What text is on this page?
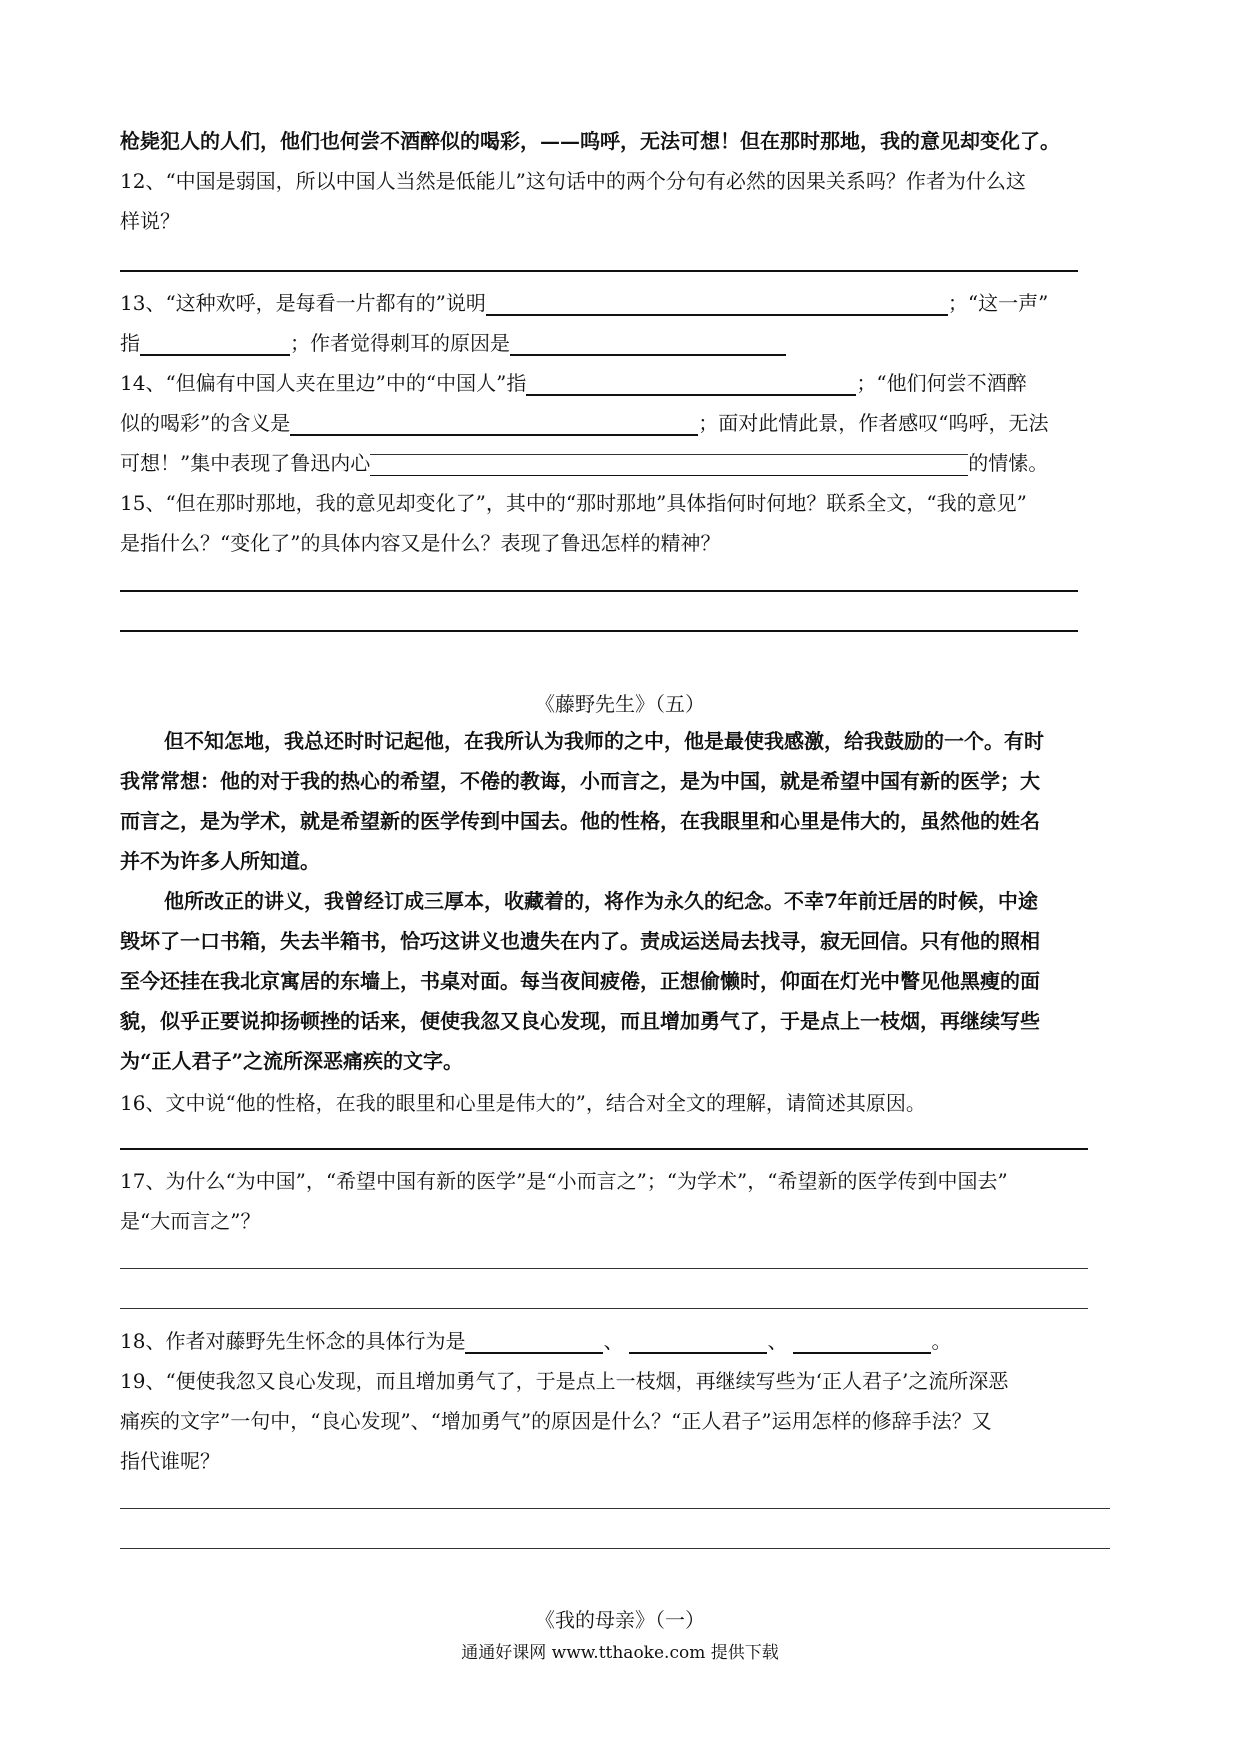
枪毙犯人的人们，他们也何尝不酒醉似的喝彩，——呜呼，无法可想！但在那时那地，我的意见却变化了。
12、“中国是弱国，所以中国人当然是低能儿”这句话中的两个分句有必然的因果关系吗？作者为什么这
样说？
13、“这种欢呼，是每看一片都有的”说明	；“这一声”
指	；作者觉得刺耳的原因是
14、“但偏有中国人夹在里边”中的“中国人”指	；“他们何尝不酒醉
似的喝彩”的含义是	；面对此情此景，作者感叹“呜呼，无法
可想！”集中表现了鲁迅内心	的情愫。
15、“但在那时那地，我的意见却变化了”，其中的“那时那地”具体指何时何地？联系全文，“我的意见”
是指什么？“变化了”的具体内容又是什么？表现了鲁迅怎样的精神？
《藤野先生》（五）
但不知怎地，我总还时时记起他，在我所认为我师的之中，他是最使我感激，给我鼓励的一个。有时
我常常想：他的对于我的热心的希望，不倦的教诲，小而言之，是为中国，就是希望中国有新的医学；大
而言之，是为学术，就是希望新的医学传到中国去。他的性格，在我眼里和心里是伟大的，虽然他的姓名
并不为许多人所知道。
他所改正的讲义，我曾经订成三厚本，收藏着的，将作为永久的纪念。不幸7年前迁居的时候，中途
毁坏了一口书箱，失去半箱书，恰巧这讲义也遗失在内了。责成运送局去找寻，寂无回信。只有他的照相
至今还挂在我北京寓居的东墙上，书桌对面。每当夜间疲倦，正想偷懒时，仰面在灯光中瞥见他黑瘦的面
貌，似乎正要说抑扬顿挫的话来，便使我忽又良心发现，而且增加勇气了，于是点上一枝烟，再继续写些
为“正人君子”之流所深恶痛疾的文字。
16、文中说“他的性格，在我的眼里和心里是伟大的”，结合对全文的理解，请简述其原因。
17、为什么“为中国”，“希望中国有新的医学”是“小而言之”；“为学术”，“希望新的医学传到中国去”
是“大而言之”？
18、作者对藤野先生怀念的具体行为是	、	、	。
19、“便使我忽又良心发现，而且增加勇气了，于是点上一枝烟，再继续写些为‘正人君子’之流所深恶
痛疾的文字”一句中，“良心发现”、“增加勇气”的原因是什么？“正人君子”运用怎样的修辞手法？又
指代谁呢？
《我的母亲》（一）
通通好课网 www.tthaoke.com 提供下载
